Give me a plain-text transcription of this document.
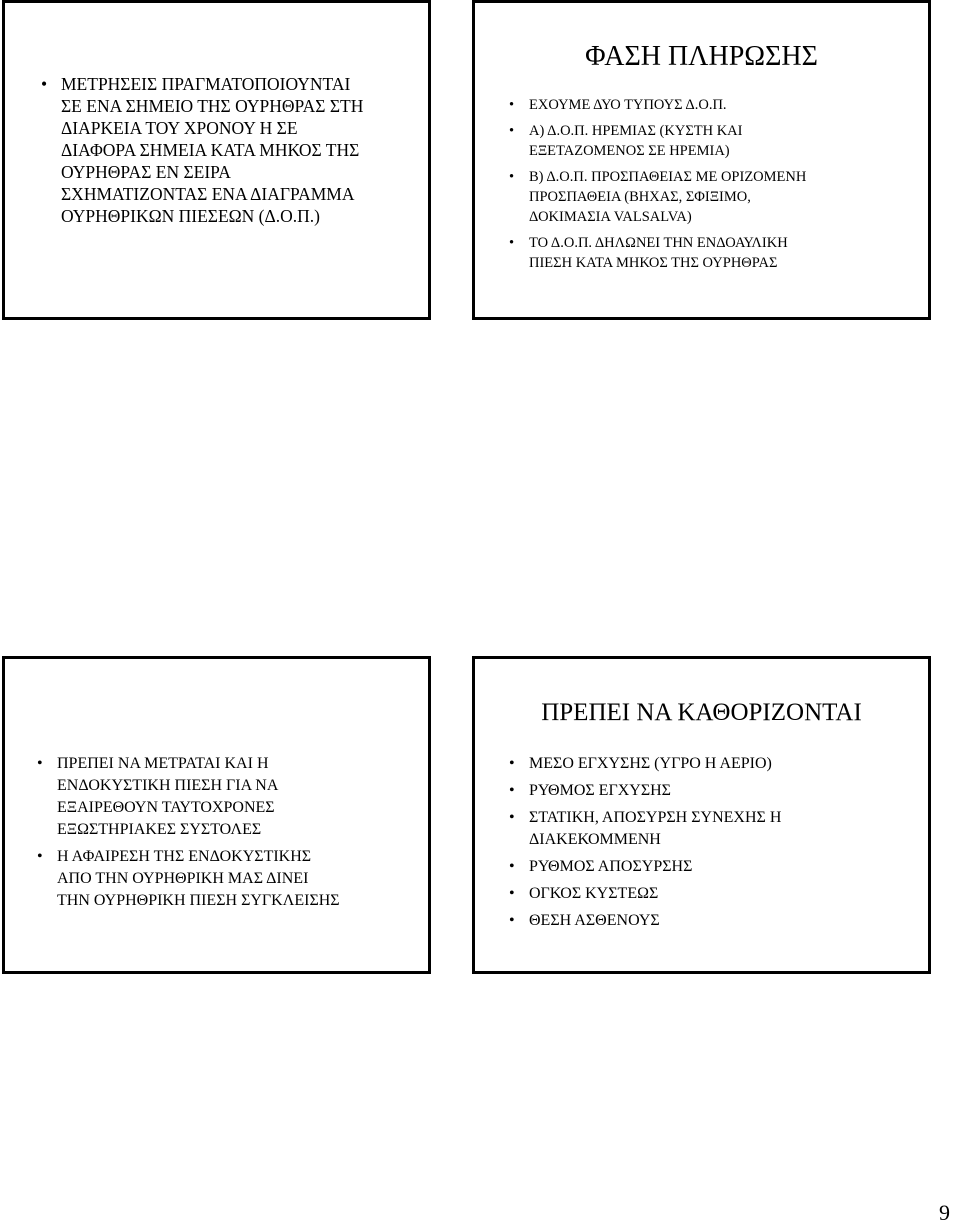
• ΜΕΤΡΗΣΕΙΣ ΠΡΑΓΜΑΤΟΠΟΙΟΥΝΤΑΙ
ΣΕ ΕΝΑ ΣΗΜΕΙΟ ΤΗΣ ΟΥΡΗΘΡΑΣ ΣΤΗ
ΔΙΑΡΚΕΙΑ ΤΟΥ ΧΡΟΝΟΥ Η ΣΕ
ΔΙΑΦΟΡΑ ΣΗΜΕΙΑ ΚΑΤΑ ΜΗΚΟΣ ΤΗΣ
ΟΥΡΗΘΡΑΣ ΕΝ ΣΕΙΡΑ
ΣΧΗΜΑΤΙΖΟΝΤΑΣ ΕΝΑ ΔΙΑΓΡΑΜΜΑ
ΟΥΡΗΘΡΙΚΩΝ ΠΙΕΣΕΩΝ (Δ.Ο.Π.)
ΦΑΣΗ ΠΛΗΡΩΣΗΣ
• ΕΧΟΥΜΕ ΔΥΟ ΤΥΠΟΥΣ Δ.Ο.Π.
• Α) Δ.Ο.Π. ΗΡΕΜΙΑΣ (ΚΥΣΤΗ ΚΑΙ
ΕΞΕΤΑΖΟΜΕΝΟΣ ΣΕ ΗΡΕΜΙΑ)
• Β) Δ.Ο.Π. ΠΡΟΣΠΑΘΕΙΑΣ ΜΕ ΟΡΙΖΟΜΕΝΗ
ΠΡΟΣΠΑΘΕΙΑ (ΒΗΧΑΣ, ΣΦΙΞΙΜΟ,
ΔΟΚΙΜΑΣΙΑ VALSALVA)
• ΤΟ Δ.Ο.Π. ΔΗΛΩΝΕΙ ΤΗΝ ΕΝΔΟΑΥΛΙΚΗ
ΠΙΕΣΗ ΚΑΤΑ ΜΗΚΟΣ ΤΗΣ ΟΥΡΗΘΡΑΣ
• ΠΡΕΠΕΙ ΝΑ ΜΕΤΡΑΤΑΙ ΚΑΙ Η
ΕΝΔΟΚΥΣΤΙΚΗ ΠΙΕΣΗ ΓΙΑ ΝΑ
ΕΞΑΙΡΕΘΟΥΝ ΤΑΥΤΟΧΡΟΝΕΣ
ΕΞΩΣΤΗΡΙΑΚΕΣ ΣΥΣΤΟΛΕΣ
• Η ΑΦΑΙΡΕΣΗ ΤΗΣ ΕΝΔΟΚΥΣΤΙΚΗΣ
ΑΠΟ ΤΗΝ ΟΥΡΗΘΡΙΚΗ ΜΑΣ ΔΙΝΕΙ
ΤΗΝ ΟΥΡΗΘΡΙΚΗ ΠΙΕΣΗ ΣΥΓΚΛΕΙΣΗΣ
ΠΡΕΠΕΙ ΝΑ ΚΑΘΟΡΙΖΟΝΤΑΙ
• ΜΕΣΟ ΕΓΧΥΣΗΣ (ΥΓΡΟ Η ΑΕΡΙΟ)
• ΡΥΘΜΟΣ ΕΓΧΥΣΗΣ
• ΣΤΑΤΙΚΗ, ΑΠΟΣΥΡΣΗ ΣΥΝΕΧΗΣ Η
ΔΙΑΚΕΚΟΜΜΕΝΗ
• ΡΥΘΜΟΣ ΑΠΟΣΥΡΣΗΣ
• ΟΓΚΟΣ ΚΥΣΤΕΩΣ
• ΘΕΣΗ ΑΣΘΕΝΟΥΣ
9
